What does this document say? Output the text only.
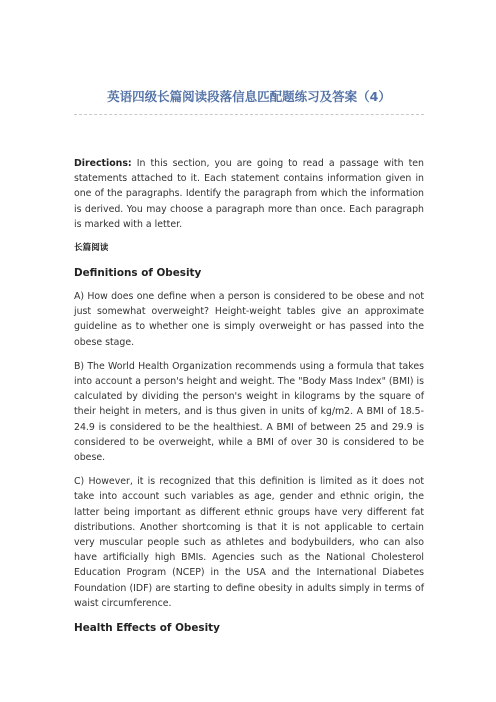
英语四级长篇阅读段落信息匹配题练习及答案（4）

Directions: In this section, you are going to read a passage with ten statements attached to it. Each statement contains information given in one of the paragraphs. Identify the paragraph from which the information is derived. You may choose a paragraph more than once. Each paragraph is marked with a letter.

长篇阅读
Definitions of Obesity

A) How does one define when a person is considered to be obese and not just somewhat overweight? Height-weight tables give an approximate guideline as to whether one is simply overweight or has passed into the obese stage.

B) The World Health Organization recommends using a formula that takes into account a person's height and weight. The "Body Mass Index" (BMI) is calculated by dividing the person's weight in kilograms by the square of their height in meters, and is thus given in units of kg/m2. A BMI of 18.5-24.9 is considered to be the healthiest. A BMI of between 25 and 29.9 is considered to be overweight, while a BMI of over 30 is considered to be obese.

C) However, it is recognized that this definition is limited as it does not take into account such variables as age, gender and ethnic origin, the latter being important as different ethnic groups have very different fat distributions. Another shortcoming is that it is not applicable to certain very muscular people such as athletes and bodybuilders, who can also have artificially high BMIs. Agencies such as the National Cholesterol Education Program (NCEP) in the USA and the International Diabetes Foundation (IDF) are starting to define obesity in adults simply in terms of waist circumference.

Health Effects of Obesity
